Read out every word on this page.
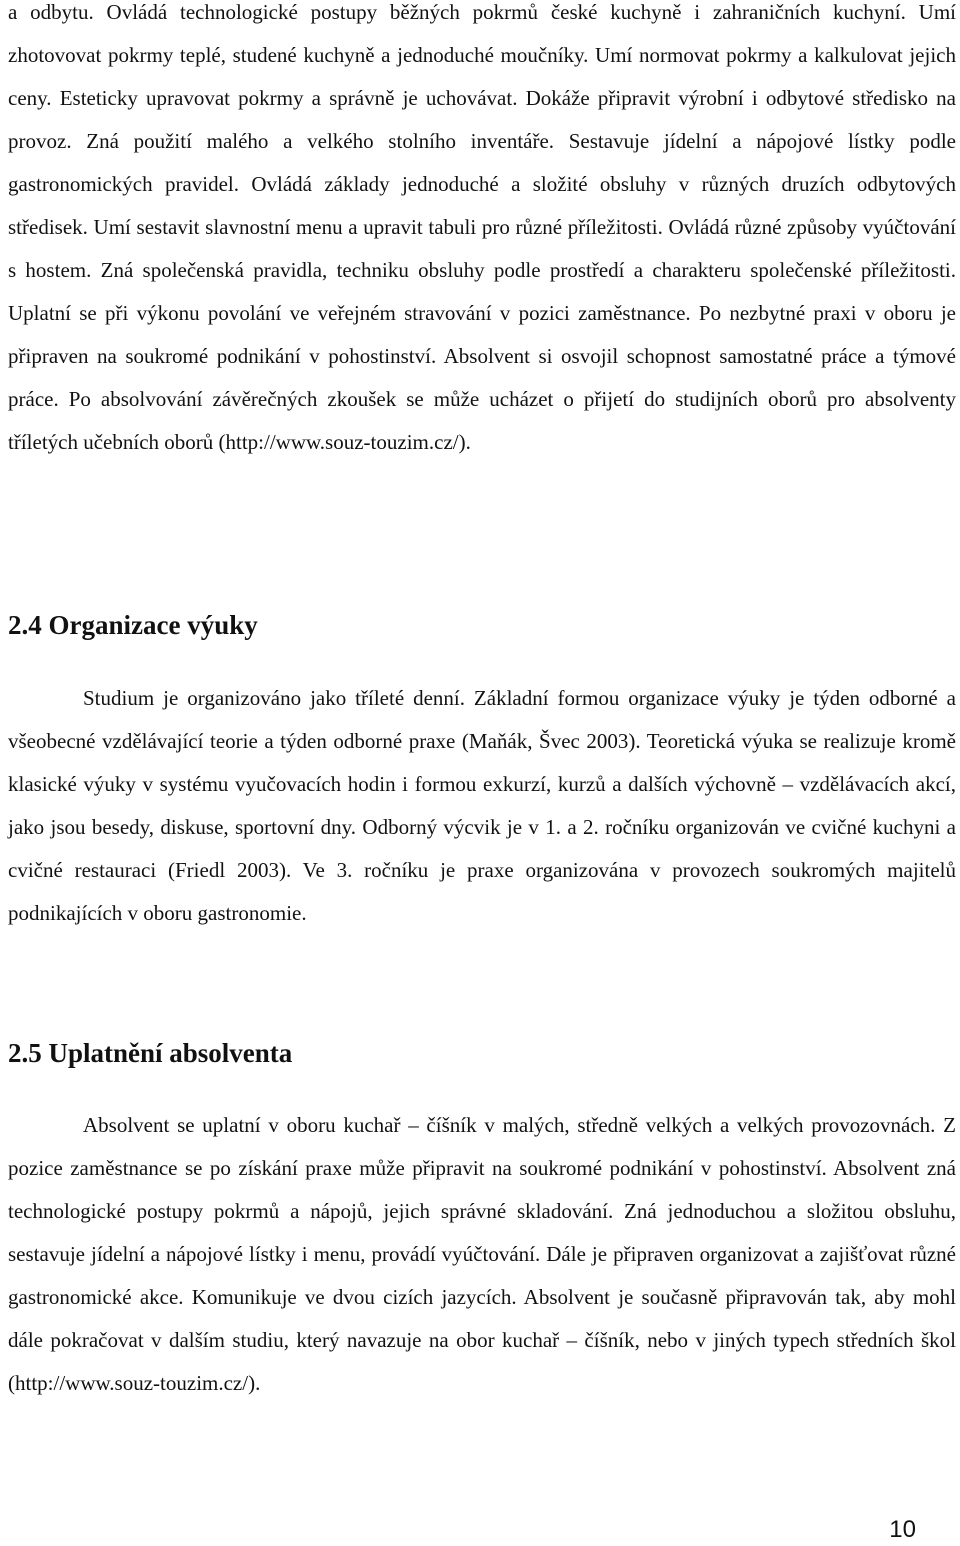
a odbytu. Ovládá technologické postupy běžných pokrmů české kuchyně i zahraničních kuchyní. Umí zhotovovat pokrmy teplé, studené kuchyně a jednoduché moučníky. Umí normovat pokrmy a kalkulovat jejich ceny. Esteticky upravovat pokrmy a správně je uchovávat. Dokáže připravit výrobní i odbytové středisko na provoz. Zná použití malého a velkého stolního inventáře. Sestavuje jídelní a nápojové lístky podle gastronomických pravidel. Ovládá základy jednoduché a složité obsluhy v různých druzích odbytových středisek. Umí sestavit slavnostní menu a upravit tabuli pro různé příležitosti. Ovládá různé způsoby vyúčtování s hostem. Zná společenská pravidla, techniku obsluhy podle prostředí a charakteru společenské příležitosti. Uplatní se při výkonu povolání ve veřejném stravování v pozici zaměstnance. Po nezbytné praxi v oboru je připraven na soukromé podnikání v pohostinství. Absolvent si osvojil schopnost samostatné práce a týmové práce. Po absolvování závěrečných zkoušek se může ucházet o přijetí do studijních oborů pro absolventy tříletých učebních oborů (http://www.souz-touzim.cz/).

2.4 Organizace výuky

Studium je organizováno jako tříleté denní. Základní formou organizace výuky je týden odborné a všeobecné vzdělávající teorie a týden odborné praxe (Maňák, Švec 2003). Teoretická výuka se realizuje kromě klasické výuky v systému vyučovacích hodin i formou exkurzí, kurzů a dalších výchovně – vzdělávacích akcí, jako jsou besedy, diskuse, sportovní dny. Odborný výcvik je v 1. a 2. ročníku organizován ve cvičné kuchyni a cvičné restauraci (Friedl 2003). Ve 3. ročníku je praxe organizována v provozech soukromých majitelů podnikajících v oboru gastronomie.

2.5 Uplatnění absolventa

Absolvent se uplatní v oboru kuchař – číšník v malých, středně velkých a velkých provozovnách. Z pozice zaměstnance se po získání praxe může připravit na soukromé podnikání v pohostinství. Absolvent zná technologické postupy pokrmů a nápojů, jejich správné skladování. Zná jednoduchou a složitou obsluhu, sestavuje jídelní a nápojové lístky i menu, provádí vyúčtování. Dále je připraven organizovat a zajišťovat různé gastronomické akce. Komunikuje ve dvou cizích jazycích. Absolvent je současně připravován tak, aby mohl dále pokračovat v dalším studiu, který navazuje na obor kuchař – číšník, nebo v jiných typech středních škol (http://www.souz-touzim.cz/).

10
